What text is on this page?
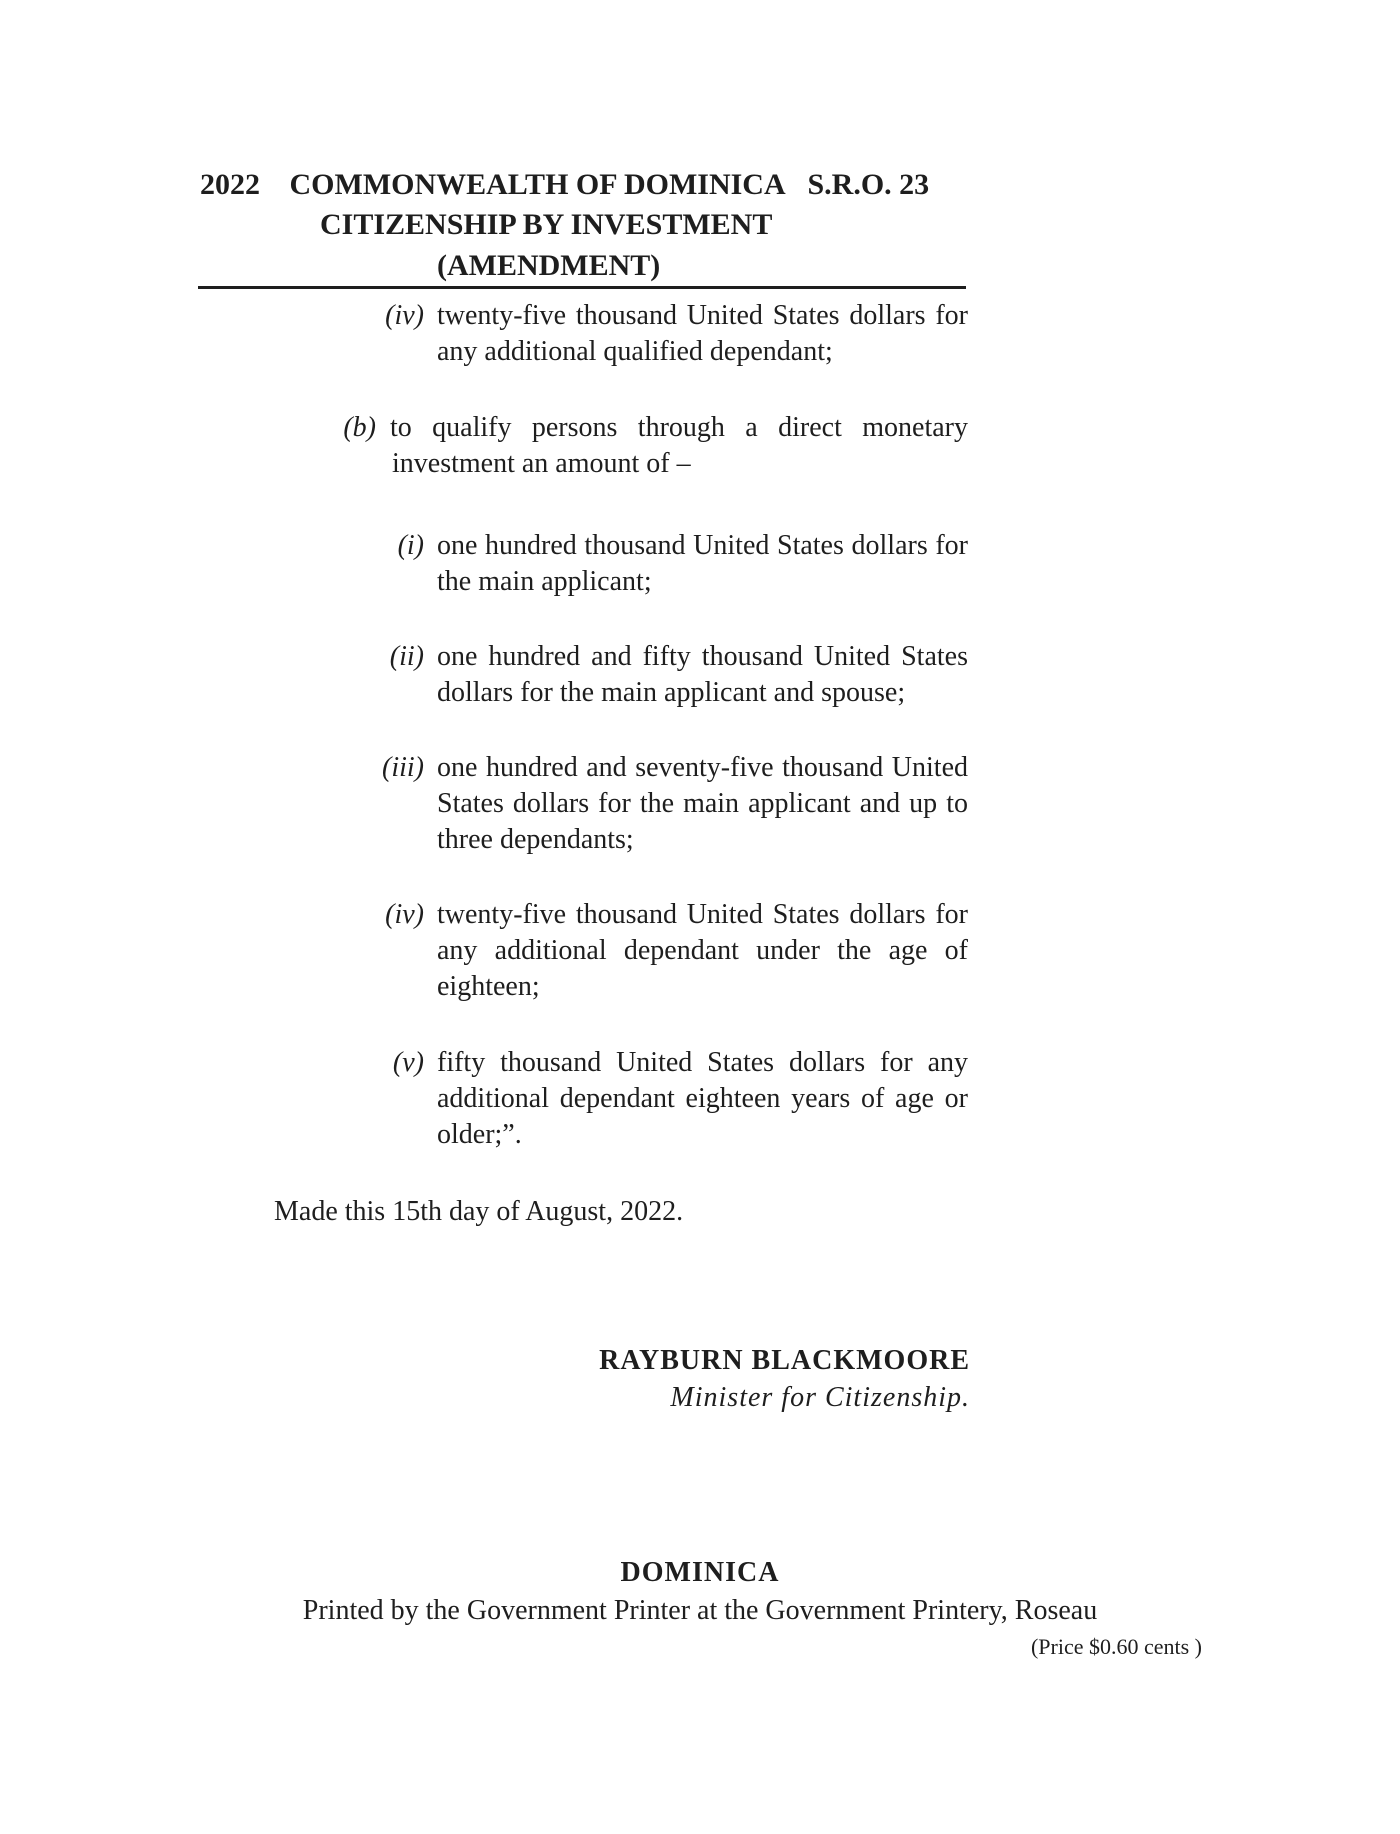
2022 COMMONWEALTH OF DOMINICA S.R.O. 23
CITIZENSHIP BY INVESTMENT
(AMENDMENT)
(iv) twenty-five thousand United States dollars for any additional qualified dependant;
(b) to qualify persons through a direct monetary
investment an amount of –
(i) one hundred thousand United States dollars for the main applicant;
(ii) one hundred and fifty thousand United States dollars for the main applicant and spouse;
(iii) one hundred and seventy-five thousand United States dollars for the main applicant and up to three dependants;
(iv) twenty-five thousand United States dollars for any additional dependant under the age of eighteen;
(v) fifty thousand United States dollars for any additional dependant eighteen years of age or older;”.
Made this 15th day of August, 2022.
RAYBURN BLACKMOORE
Minister for Citizenship.
DOMINICA
Printed by the Government Printer at the Government Printery, Roseau
(Price $0.60 cents )
